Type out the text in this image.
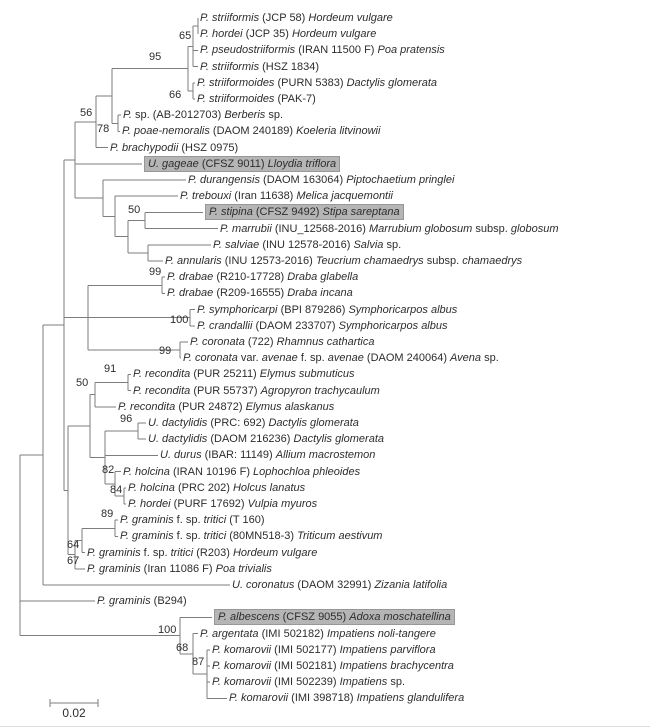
0.02
P. striiformis (JCP 58) Hordeum vulgare
P. hordei (JCP 35) Hordeum vulgare
P. pseudostriiformis (IRAN 11500 F) Poa pratensis
P. striiformis (HSZ 1834)
P. striiformoides (PURN 5383) Dactylis glomerata
P. striiformoides (PAK-7)
P. sp. (AB-2012703) Berberis sp.
P. poae-nemoralis (DAOM 240189) Koeleria litvinowii
P. brachypodii (HSZ 0975)
U. gageae (CFSZ 9011) Lloydia triflora
P. durangensis (DAOM 163064) Piptochaetium pringlei
P. trebouxi (Iran 11638) Melica jacquemontii
P. stipina (CFSZ 9492) Stipa sareptana
P. marrubii (INU_12568-2016) Marrubium globosum subsp. globosum
P. salviae (INU 12578-2016) Salvia sp.
P. annularis (INU 12573-2016) Teucrium chamaedrys subsp. chamaedrys
P. drabae (R210-17728) Draba glabella
P. drabae (R209-16555) Draba incana
P. symphoricarpi (BPI 879286) Symphoricarpos albus
P. crandallii (DAOM 233707) Symphoricarpos albus
P. coronata (722) Rhamnus cathartica
P. coronata var. avenae f. sp. avenae (DAOM 240064) Avena sp.
P. recondita (PUR 25211) Elymus submuticus
P. recondita (PUR 55737) Agropyron trachycaulum
P. recondita (PUR 24872) Elymus alaskanus
U. dactylidis (PRC: 692) Dactylis glomerata
U. dactylidis (DAOM 216236) Dactylis glomerata
U. durus (IBAR: 11149) Allium macrostemon
P. holcina (IRAN 10196 F) Lophochloa phleoides
P. holcina (PRC 202) Holcus lanatus
P. hordei (PURF 17692) Vulpia myuros
P. graminis f. sp. tritici (T 160)
P. graminis f. sp. tritici (80MN518-3) Triticum aestivum
P. graminis f. sp. tritici (R203) Hordeum vulgare
P. graminis (Iran 11086 F) Poa trivialis
U. coronatus (DAOM 32991) Zizania latifolia
P. graminis (B294)
P. albescens (CFSZ 9055) Adoxa moschatellina
P. argentata (IMI 502182) Impatiens noli-tangere
P. komarovii (IMI 502177) Impatiens parviflora
P. komarovii (IMI 502181) Impatiens brachycentra
P. komarovii (IMI 502239) Impatiens sp.
P. komarovii (IMI 398718) Impatiens glandulifera
65
95
66
56
78
50
99
100
99
91
50
96
82
84
89
64
67
100
68
87
